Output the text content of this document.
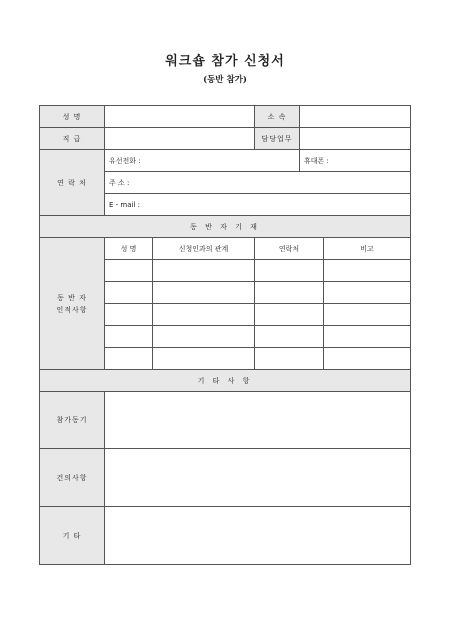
워크숍 참가 신청서
(동반 참가)
성 명			소 속		
직 급			담당업무		
연 락 처	유선전화 :			휴대폰 :	
	주 소 :				
	E - mail :				
동 반 자 기 재					
동 반 자
인적사항	성 명	신청인과의 관계	연락처		비고

기 타 사 항					
참가동기					
건의사항					
기 타					
